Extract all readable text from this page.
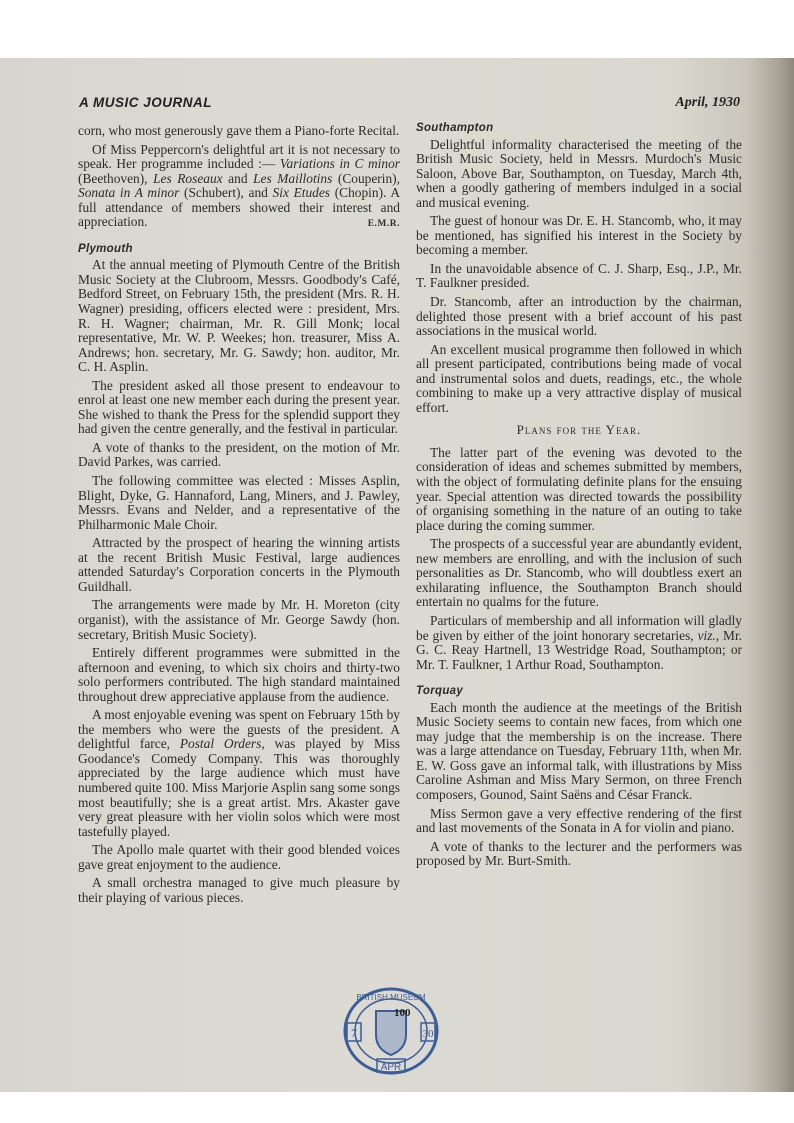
A MUSIC JOURNAL	April, 1930

corn, who most generously gave them a Piano-forte Recital.

Of Miss Peppercorn's delightful art it is not necessary to speak. Her programme included :— Variations in C minor (Beethoven), Les Roseaux and Les Maillotins (Couperin), Sonata in A minor (Schubert), and Six Etudes (Chopin). A full attendance of members showed their interest and appreciation.	E.M.R.

Plymouth

At the annual meeting of Plymouth Centre of the British Music Society at the Clubroom, Messrs. Goodbody's Café, Bedford Street, on February 15th, the president (Mrs. R. H. Wagner) presiding, officers elected were : president, Mrs. R. H. Wagner; chairman, Mr. R. Gill Monk; local representative, Mr. W. P. Weekes; hon. treasurer, Miss A. Andrews; hon. secretary, Mr. G. Sawdy; hon. auditor, Mr. C. H. Asplin.

The president asked all those present to endeavour to enrol at least one new member each during the present year. She wished to thank the Press for the splendid support they had given the centre generally, and the festival in particular.

A vote of thanks to the president, on the motion of Mr. David Parkes, was carried.

The following committee was elected : Misses Asplin, Blight, Dyke, G. Hannaford, Lang, Miners, and J. Pawley, Messrs. Evans and Nelder, and a representative of the Philharmonic Male Choir.

Attracted by the prospect of hearing the winning artists at the recent British Music Festival, large audiences attended Saturday's Corporation concerts in the Plymouth Guildhall.

The arrangements were made by Mr. H. Moreton (city organist), with the assistance of Mr. George Sawdy (hon. secretary, British Music Society).

Entirely different programmes were submitted in the afternoon and evening, to which six choirs and thirty-two solo performers contributed. The high standard maintained throughout drew appreciative applause from the audience.

A most enjoyable evening was spent on February 15th by the members who were the guests of the president. A delightful farce, Postal Orders, was played by Miss Goodance's Comedy Company. This was thoroughly appreciated by the large audience which must have numbered quite 100. Miss Marjorie Asplin sang some songs most beautifully; she is a great artist. Mrs. Akaster gave very great pleasure with her violin solos which were most tastefully played.

The Apollo male quartet with their good blended voices gave great enjoyment to the audience.

A small orchestra managed to give much pleasure by their playing of various pieces.

Southampton

Delightful informality characterised the meeting of the British Music Society, held in Messrs. Murdoch's Music Saloon, Above Bar, Southampton, on Tuesday, March 4th, when a goodly gathering of members indulged in a social and musical evening.

The guest of honour was Dr. E. H. Stancomb, who, it may be mentioned, has signified his interest in the Society by becoming a member.

In the unavoidable absence of C. J. Sharp, Esq., J.P., Mr. T. Faulkner presided.

Dr. Stancomb, after an introduction by the chairman, delighted those present with a brief account of his past associations in the musical world.

An excellent musical programme then followed in which all present participated, contributions being made of vocal and instrumental solos and duets, readings, etc., the whole combining to make up a very attractive display of musical effort.

Plans for the Year.

The latter part of the evening was devoted to the consideration of ideas and schemes submitted by members, with the object of formulating definite plans for the ensuing year. Special attention was directed towards the possibility of organising something in the nature of an outing to take place during the coming summer.

The prospects of a successful year are abundantly evident, new members are enrolling, and with the inclusion of such personalities as Dr. Stancomb, who will doubtless exert an exhilarating influence, the Southampton Branch should entertain no qualms for the future.

Particulars of membership and all information will gladly be given by either of the joint honorary secretaries, viz., Mr. G. C. Reay Hartnell, 13 Westridge Road, Southampton; or Mr. T. Faulkner, 1 Arthur Road, Southampton.

Torquay

Each month the audience at the meetings of the British Music Society seems to contain new faces, from which one may judge that the membership is on the increase. There was a large attendance on Tuesday, February 11th, when Mr. E. W. Goss gave an informal talk, with illustrations by Miss Caroline Ashman and Miss Mary Sermon, on three French composers, Gounod, Saint Saëns and César Franck.

Miss Sermon gave a very effective rendering of the first and last movements of the Sonata in A for violin and piano.

A vote of thanks to the lecturer and the performers was proposed by Mr. Burt-Smith.

BRITISH MUSEUM
7	30
APR
100
